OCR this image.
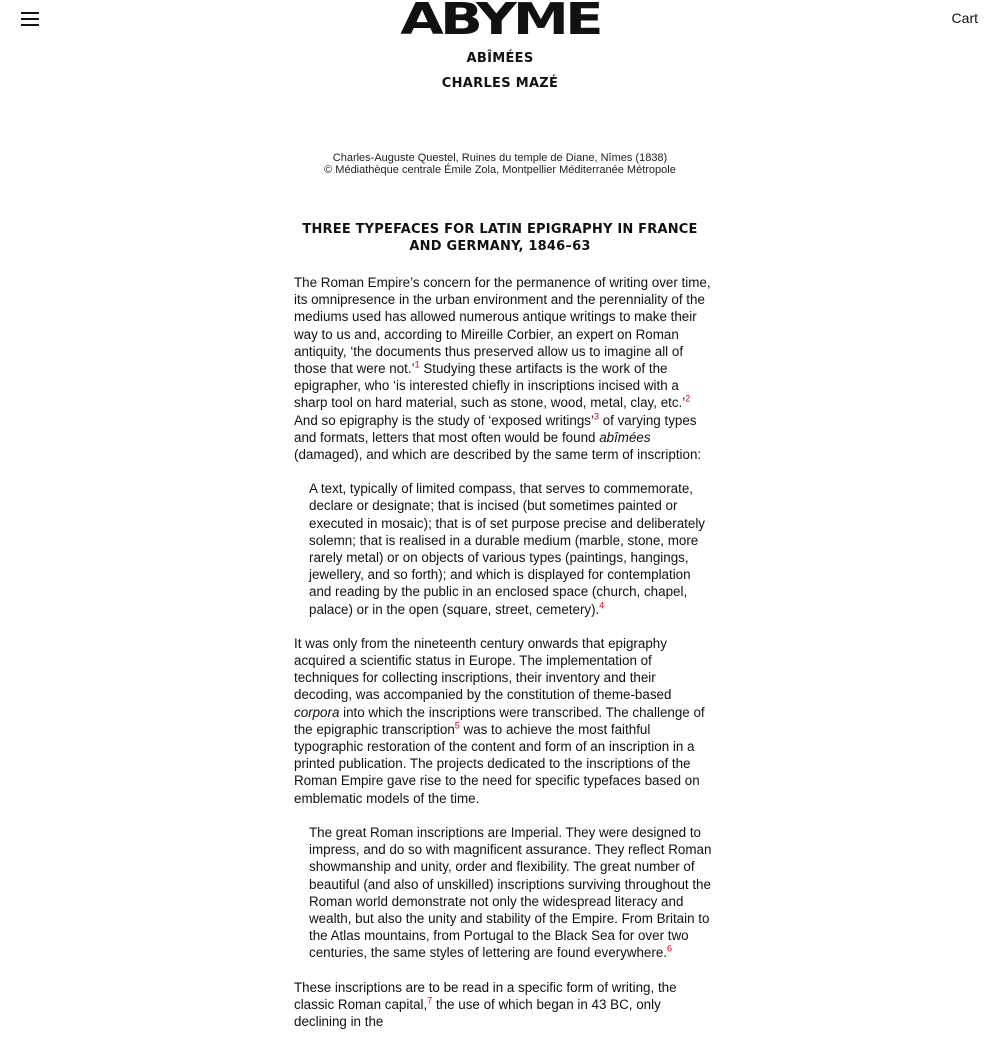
Cart
ABYME
ABÎMÉES
CHARLES MAZÉ
Charles-Auguste Questel, Ruines du temple de Diane, Nîmes (1838)
© Médiathèque centrale Émile Zola, Montpellier Méditerranée Métropole
THREE TYPEFACES FOR LATIN EPIGRAPHY IN FRANCE AND GERMANY, 1846–63

The Roman Empire’s concern for the permanence of writing over time, its omnipresence in the urban environment and the perenniality of the mediums used has allowed numerous antique writings to make their way to us and, according to Mireille Corbier, an expert on Roman antiquity, ‘the documents thus preserved allow us to imagine all of those that were not.’$^1$ Studying these artifacts is the work of the epigrapher, who ‘is interested chiefly in inscriptions incised with a sharp tool on hard material, such as stone, wood, metal, clay, etc.’$^2$ And so epigraphy is the study of ‘exposed writings’$^3$ of varying types and formats, letters that most often would be found abîmées (damaged), and which are described by the same term of inscription:

A text, typically of limited compass, that serves to commemorate, declare or designate; that is incised (but sometimes painted or executed in mosaic); that is of set purpose precise and deliberately solemn; that is realised in a durable medium (marble, stone, more rarely metal) or on objects of various types (paintings, hangings, jewellery, and so forth); and which is displayed for contemplation and reading by the public in an enclosed space (church, chapel, palace) or in the open (square, street, cemetery).$^4$

It was only from the nineteenth century onwards that epigraphy acquired a scientific status in Europe. The implementation of techniques for collecting inscriptions, their inventory and their decoding, was accompanied by the constitution of theme-based corpora into which the inscriptions were transcribed. The challenge of the epigraphic transcription$^5$ was to achieve the most faithful typographic restoration of the content and form of an inscription in a printed publication. The projects dedicated to the inscriptions of the Roman Empire gave rise to the need for specific typefaces based on emblematic models of the time.

The great Roman inscriptions are Imperial. They were designed to impress, and do so with magnificent assurance. They reflect Roman showmanship and unity, order and flexibility. The great number of beautiful (and also of unskilled) inscriptions surviving throughout the Roman world demonstrate not only the widespread literacy and wealth, but also the unity and stability of the Empire. From Britain to the Atlas mountains, from Portugal to the Black Sea for over two centuries, the same styles of lettering are found everywhere.$^6$

These inscriptions are to be read in a specific form of writing, the classic Roman capital,$^7$ the use of which began in 43 BC, only declining in the
